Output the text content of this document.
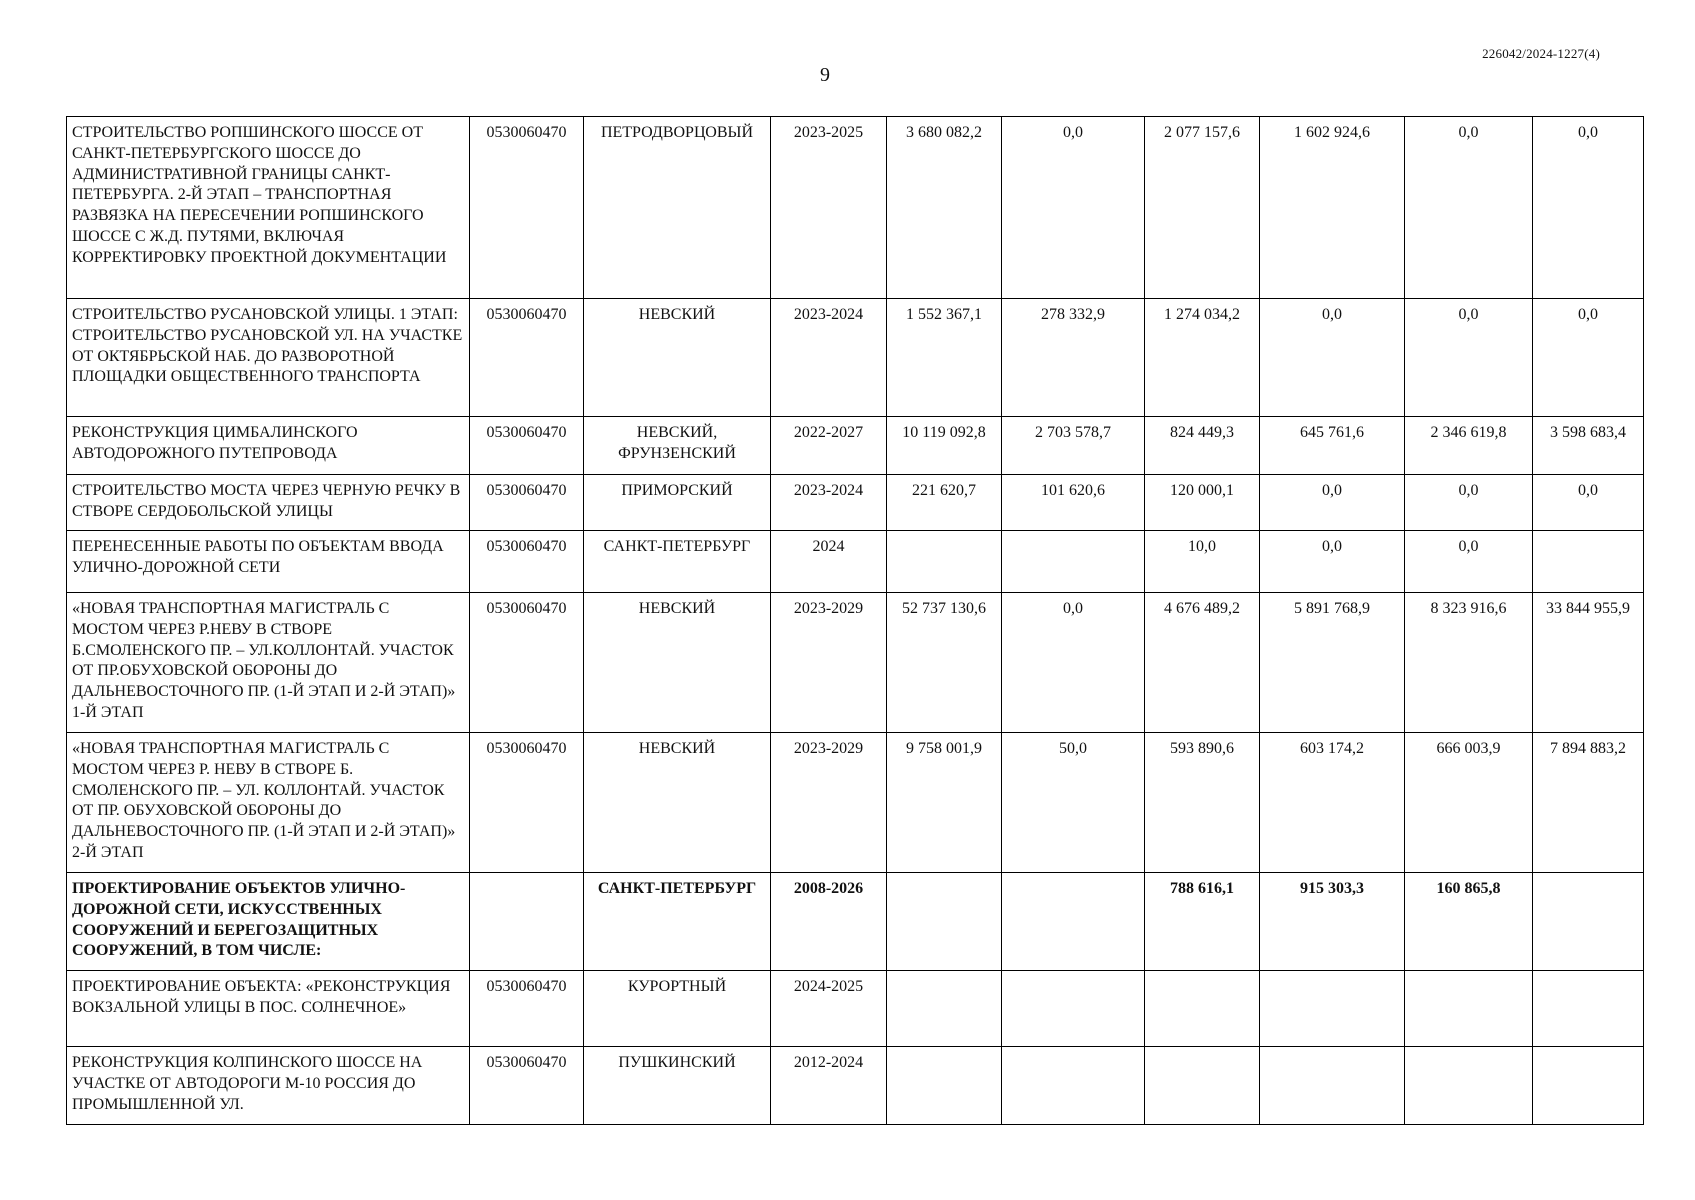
226042/2024-1227(4)
9
СТРОИТЕЛЬСТВО РОПШИНСКОГО ШОССЕ ОТ САНКТ-ПЕТЕРБУРГСКОГО ШОССЕ ДО АДМИНИСТРАТИВНОЙ ГРАНИЦЫ САНКТ-ПЕТЕРБУРГА. 2-Й ЭТАП – ТРАНСПОРТНАЯ РАЗВЯЗКА НА ПЕРЕСЕЧЕНИИ РОПШИНСКОГО ШОССЕ С Ж.Д. ПУТЯМИ, ВКЛЮЧАЯ КОРРЕКТИРОВКУ ПРОЕКТНОЙ ДОКУМЕНТАЦИИ	0530060470	ПЕТРОДВОРЦОВЫЙ	2023-2025	3 680 082,2	0,0	2 077 157,6	1 602 924,6	0,0	0,0
СТРОИТЕЛЬСТВО РУСАНОВСКОЙ УЛИЦЫ. 1 ЭТАП: СТРОИТЕЛЬСТВО РУСАНОВСКОЙ УЛ. НА УЧАСТКЕ ОТ ОКТЯБРЬСКОЙ НАБ. ДО РАЗВОРОТНОЙ ПЛОЩАДКИ ОБЩЕСТВЕННОГО ТРАНСПОРТА	0530060470	НЕВСКИЙ	2023-2024	1 552 367,1	278 332,9	1 274 034,2	0,0	0,0	0,0
РЕКОНСТРУКЦИЯ ЦИМБАЛИНСКОГО АВТОДОРОЖНОГО ПУТЕПРОВОДА	0530060470	НЕВСКИЙ, ФРУНЗЕНСКИЙ	2022-2027	10 119 092,8	2 703 578,7	824 449,3	645 761,6	2 346 619,8	3 598 683,4
СТРОИТЕЛЬСТВО МОСТА ЧЕРЕЗ ЧЕРНУЮ РЕЧКУ В СТВОРЕ СЕРДОБОЛЬСКОЙ УЛИЦЫ	0530060470	ПРИМОРСКИЙ	2023-2024	221 620,7	101 620,6	120 000,1	0,0	0,0	0,0
ПЕРЕНЕСЕННЫЕ РАБОТЫ ПО ОБЪЕКТАМ ВВОДА УЛИЧНО-ДОРОЖНОЙ СЕТИ	0530060470	САНКТ-ПЕТЕРБУРГ	2024			10,0	0,0	0,0	
«НОВАЯ ТРАНСПОРТНАЯ МАГИСТРАЛЬ С МОСТОМ ЧЕРЕЗ Р.НЕВУ В СТВОРЕ Б.СМОЛЕНСКОГО ПР. – УЛ.КОЛЛОНТАЙ. УЧАСТОК ОТ ПР.ОБУХОВСКОЙ ОБОРОНЫ ДО ДАЛЬНЕВОСТОЧНОГО ПР. (1-Й ЭТАП И 2-Й ЭТАП)» 1-Й ЭТАП	0530060470	НЕВСКИЙ	2023-2029	52 737 130,6	0,0	4 676 489,2	5 891 768,9	8 323 916,6	33 844 955,9
«НОВАЯ ТРАНСПОРТНАЯ МАГИСТРАЛЬ С МОСТОМ ЧЕРЕЗ Р. НЕВУ В СТВОРЕ Б. СМОЛЕНСКОГО ПР. – УЛ. КОЛЛОНТАЙ. УЧАСТОК ОТ ПР. ОБУХОВСКОЙ ОБОРОНЫ ДО ДАЛЬНЕВОСТОЧНОГО ПР. (1-Й ЭТАП И 2-Й ЭТАП)» 2-Й ЭТАП	0530060470	НЕВСКИЙ	2023-2029	9 758 001,9	50,0	593 890,6	603 174,2	666 003,9	7 894 883,2
ПРОЕКТИРОВАНИЕ ОБЪЕКТОВ УЛИЧНО-ДОРОЖНОЙ СЕТИ, ИСКУССТВЕННЫХ СООРУЖЕНИЙ И БЕРЕГОЗАЩИТНЫХ СООРУЖЕНИЙ, В ТОМ ЧИСЛЕ:		САНКТ-ПЕТЕРБУРГ	2008-2026			788 616,1	915 303,3	160 865,8	
ПРОЕКТИРОВАНИЕ ОБЪЕКТА: «РЕКОНСТРУКЦИЯ ВОКЗАЛЬНОЙ УЛИЦЫ В ПОС. СОЛНЕЧНОЕ»	0530060470	КУРОРТНЫЙ	2024-2025						
РЕКОНСТРУКЦИЯ КОЛПИНСКОГО ШОССЕ НА УЧАСТКЕ ОТ АВТОДОРОГИ М-10 РОССИЯ ДО ПРОМЫШЛЕННОЙ УЛ.	0530060470	ПУШКИНСКИЙ	2012-2024						
